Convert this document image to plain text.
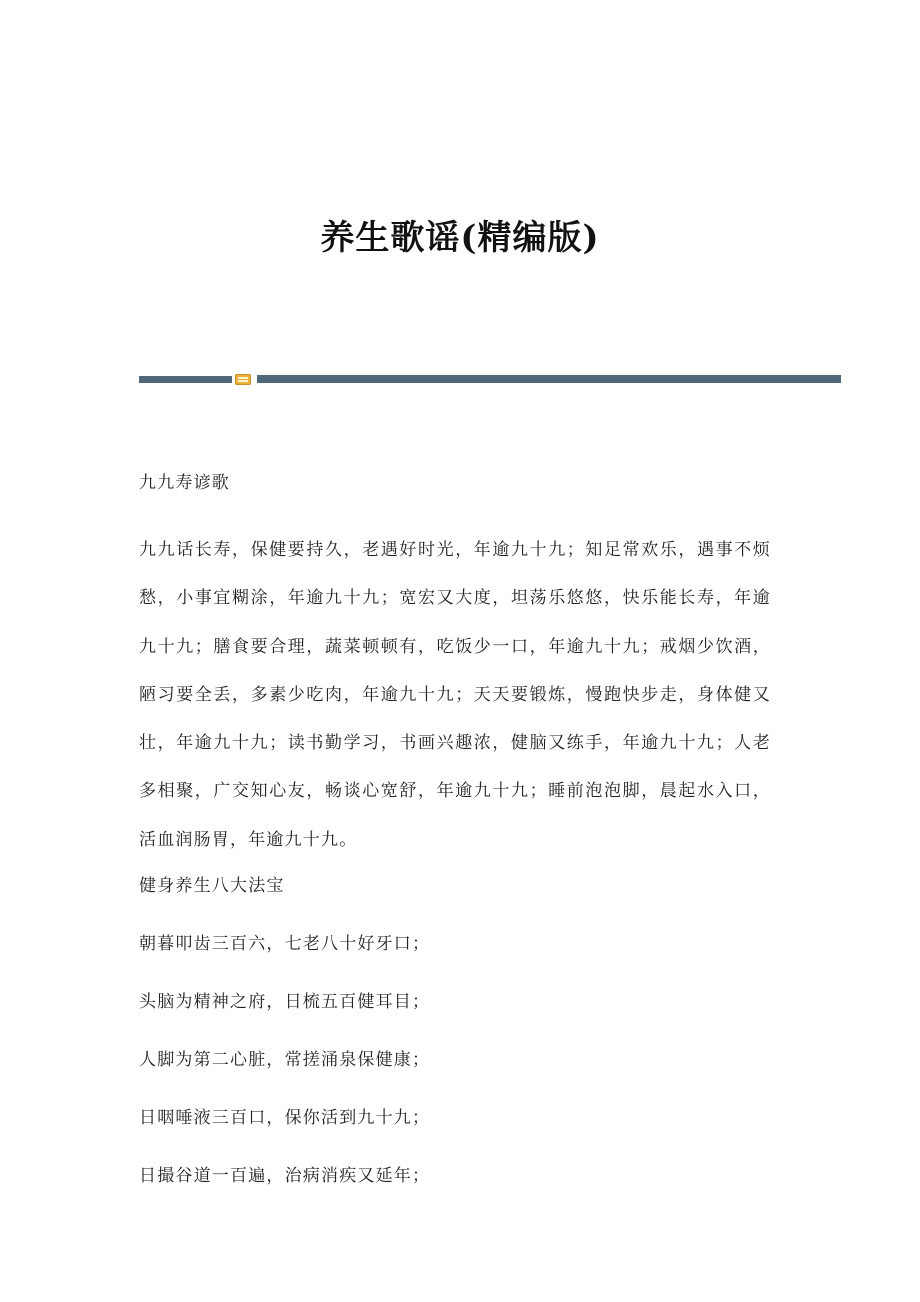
养生歌谣(精编版)

九九寿谚歌

九九话长寿，保健要持久，老遇好时光，年逾九十九；知足常欢乐，遇事不烦愁，小事宜糊涂，年逾九十九；宽宏又大度，坦荡乐悠悠，快乐能长寿，年逾九十九；膳食要合理，蔬菜顿顿有，吃饭少一口，年逾九十九；戒烟少饮酒，陋习要全丢，多素少吃肉，年逾九十九；天天要锻炼，慢跑快步走，身体健又壮，年逾九十九；读书勤学习，书画兴趣浓，健脑又练手，年逾九十九；人老多相聚，广交知心友，畅谈心宽舒，年逾九十九；睡前泡泡脚，晨起水入口，活血润肠胃，年逾九十九。

健身养生八大法宝

朝暮叩齿三百六，七老八十好牙口；

头脑为精神之府，日梳五百健耳目；

人脚为第二心脏，常搓涌泉保健康；

日咽唾液三百口，保你活到九十九；

日撮谷道一百遍，治病消疾又延年；
